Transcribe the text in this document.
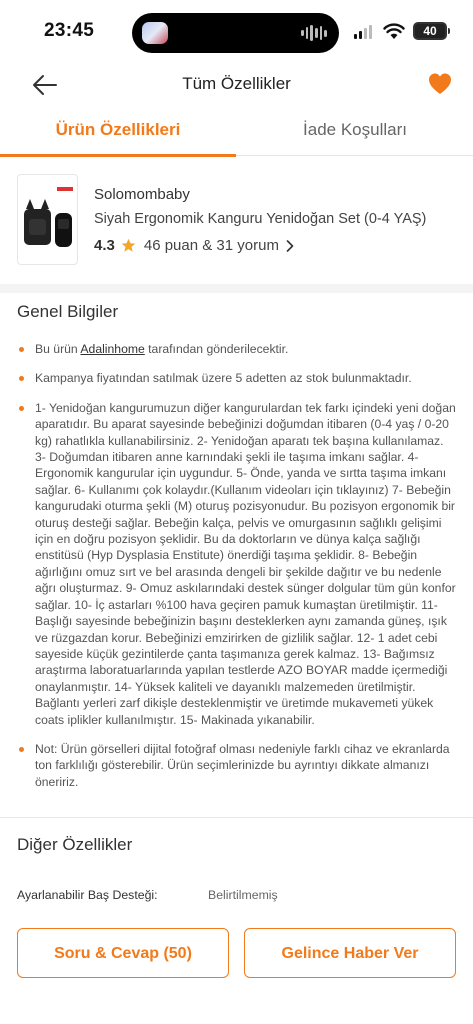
23:45	40
Tüm Özellikler
Ürün Özellikleri	İade Koşulları
Solomombaby
Siyah Ergonomik Kanguru Yenidoğan Set (0-4 YAŞ)
4.3 46 puan & 31 yorum
Genel Bilgiler
Bu ürün Adalinhome tarafından gönderilecektir.
Kampanya fiyatından satılmak üzere 5 adetten az stok bulunmaktadır.
1- Yenidoğan kangurumuzun diğer kangurulardan tek farkı içindeki yeni doğan aparatıdır. Bu aparat sayesinde bebeğinizi doğumdan itibaren (0-4 yaş / 0-20 kg) rahatlıkla kullanabilirsiniz. 2- Yenidoğan aparatı tek başına kullanılamaz. 3- Doğumdan itibaren anne karnındaki şekli ile taşıma imkanı sağlar. 4- Ergonomik kangurular için uygundur. 5- Önde, yanda ve sırtta taşıma imkanı sağlar. 6- Kullanımı çok kolaydır.(Kullanım videoları için tıklayınız) 7- Bebeğin kangurudaki oturma şekli (M) oturuş pozisyonudur. Bu pozisyon ergonomik bir oturuş desteği sağlar. Bebeğin kalça, pelvis ve omurgasının sağlıklı gelişimi için en doğru pozisyon şeklidir. Bu da doktorların ve dünya kalça sağlığı enstitüsü (Hyp Dysplasia Enstitute) önerdiği taşıma şeklidir. 8- Bebeğin ağırlığını omuz sırt ve bel arasında dengeli bir şekilde dağıtır ve bu nedenle ağrı oluşturmaz. 9- Omuz askılarındaki destek sünger dolgular tüm gün konfor sağlar. 10- İç astarları %100 hava geçiren pamuk kumaştan üretilmiştir. 11- Başlığı sayesinde bebeğinizin başını desteklerken aynı zamanda güneş, ışık ve rüzgazdan korur. Bebeğinizi emzirirken de gizlilik sağlar. 12- 1 adet cebi sayeside küçük gezintilerde çanta taşımanıza gerek kalmaz. 13- Bağımsız araştırma laboratuarlarında yapılan testlerde AZO BOYAR madde içermediği onaylanmıştır. 14- Yüksek kaliteli ve dayanıklı malzemeden üretilmiştir. Bağlantı yerleri zarf dikişle desteklenmiştir ve üretimde mukavemeti yükek coats iplikler kullanılmıştır. 15- Makinada yıkanabilir.
Not: Ürün görselleri dijital fotoğraf olması nedeniyle farklı cihaz ve ekranlarda ton farklılığı gösterebilir. Ürün seçimlerinizde bu ayrıntıyı dikkate almanızı öneririz.
Diğer Özellikler
Ayarlanabilir Baş Desteği:	Belirtilmemiş
Soru & Cevap (50)	Gelince Haber Ver
